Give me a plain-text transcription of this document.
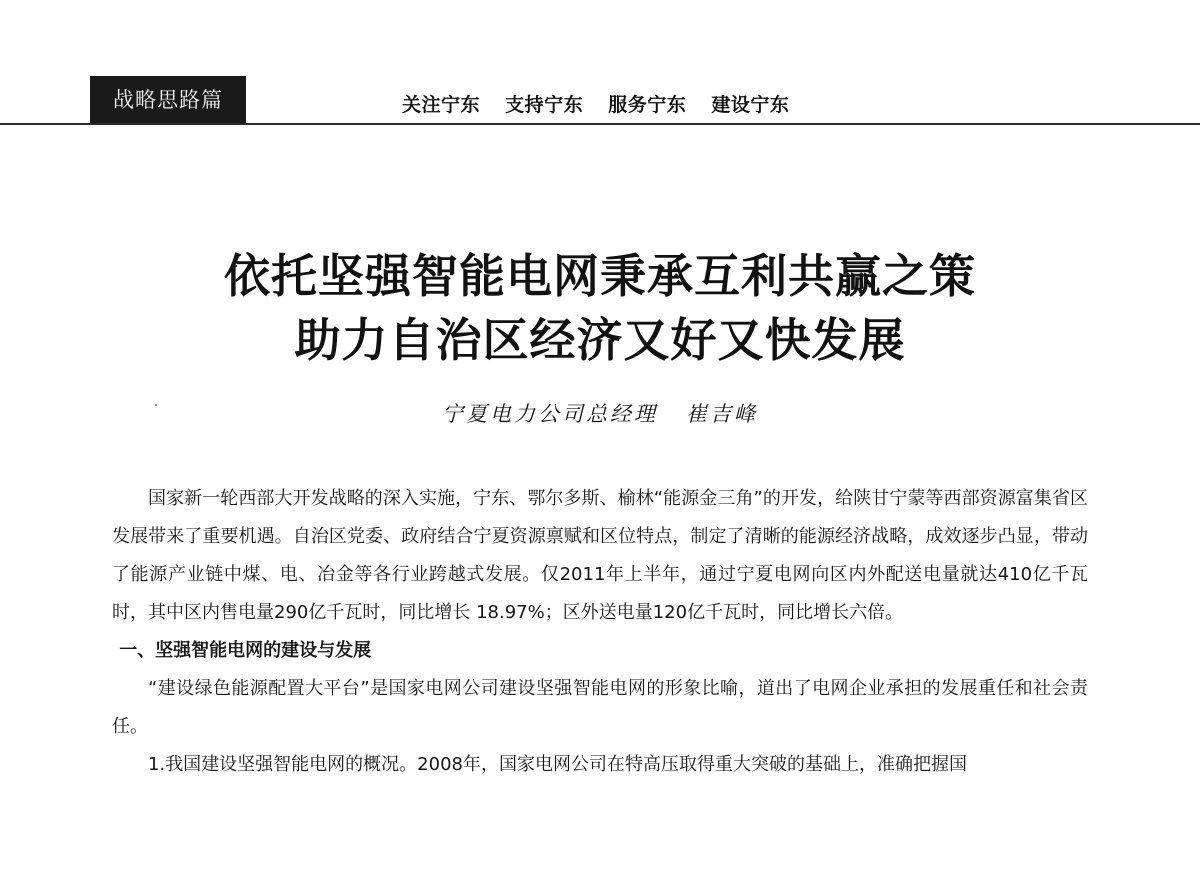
战略思路篇	关注宁东 支持宁东 服务宁东 建设宁东
依托坚强智能电网秉承互利共赢之策
助力自治区经济又好又快发展
宁夏电力公司总经理 崔吉峰

国家新一轮西部大开发战略的深入实施，宁东、鄂尔多斯、榆林“能源金三角”的开发，给陕甘宁蒙等西部资源富集省区发展带来了重要机遇。自治区党委、政府结合宁夏资源禀赋和区位特点，制定了清晰的能源经济战略，成效逐步凸显，带动了能源产业链中煤、电、冶金等各行业跨越式发展。仅2011年上半年，通过宁夏电网向区内外配送电量就达410亿千瓦时，其中区内售电量290亿千瓦时，同比增长 18.97%；区外送电量120亿千瓦时，同比增长六倍。

一、坚强智能电网的建设与发展

“建设绿色能源配置大平台”是国家电网公司建设坚强智能电网的形象比喻，道出了电网企业承担的发展重任和社会责任。

1.我国建设坚强智能电网的概况。2008年，国家电网公司在特高压取得重大突破的基础上，准确把握国
